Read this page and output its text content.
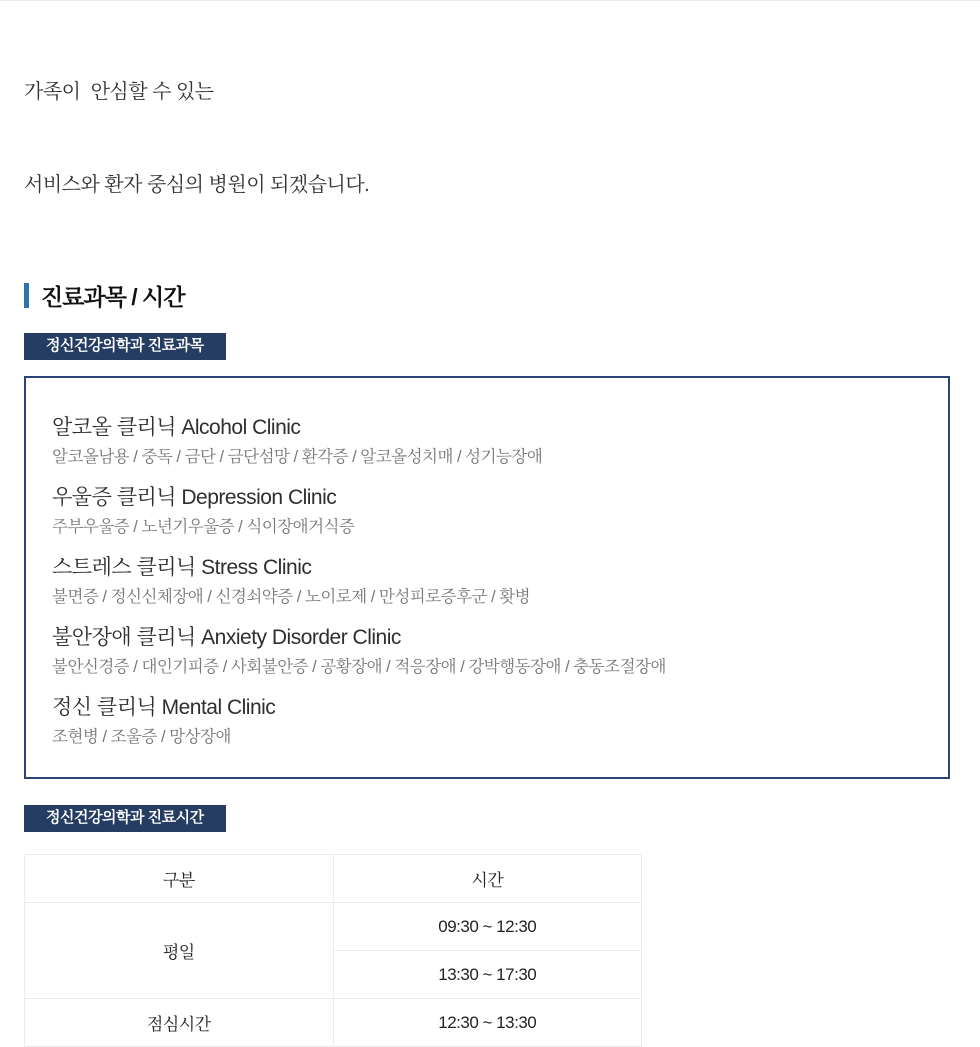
가족이  안심할 수 있는

서비스와 환자 중심의 병원이 되겠습니다.

진료과목 / 시간
정신건강의학과 진료과목
알코올 클리닉 Alcohol Clinic
알코올남용 / 중독 / 금단 / 금단섬망 / 환각증 / 알코올성치매 / 성기능장애
우울증 클리닉 Depression Clinic
주부우울증 / 노년기우울증 / 식이장애거식증
스트레스 클리닉 Stress Clinic
불면증 / 정신신체장애 / 신경쇠약증 / 노이로제 / 만성피로증후군 / 홧병
불안장애 클리닉 Anxiety Disorder Clinic
불안신경증 / 대인기피증 / 사회불안증 / 공황장애 / 적응장애 / 강박행동장애 / 충동조절장애
정신 클리닉 Mental Clinic
조현병 / 조울증 / 망상장애
정신건강의학과 진료시간
구분	시간
평일	09:30 ~ 12:30
	13:30 ~ 17:30
점심시간	12:30 ~ 13:30
